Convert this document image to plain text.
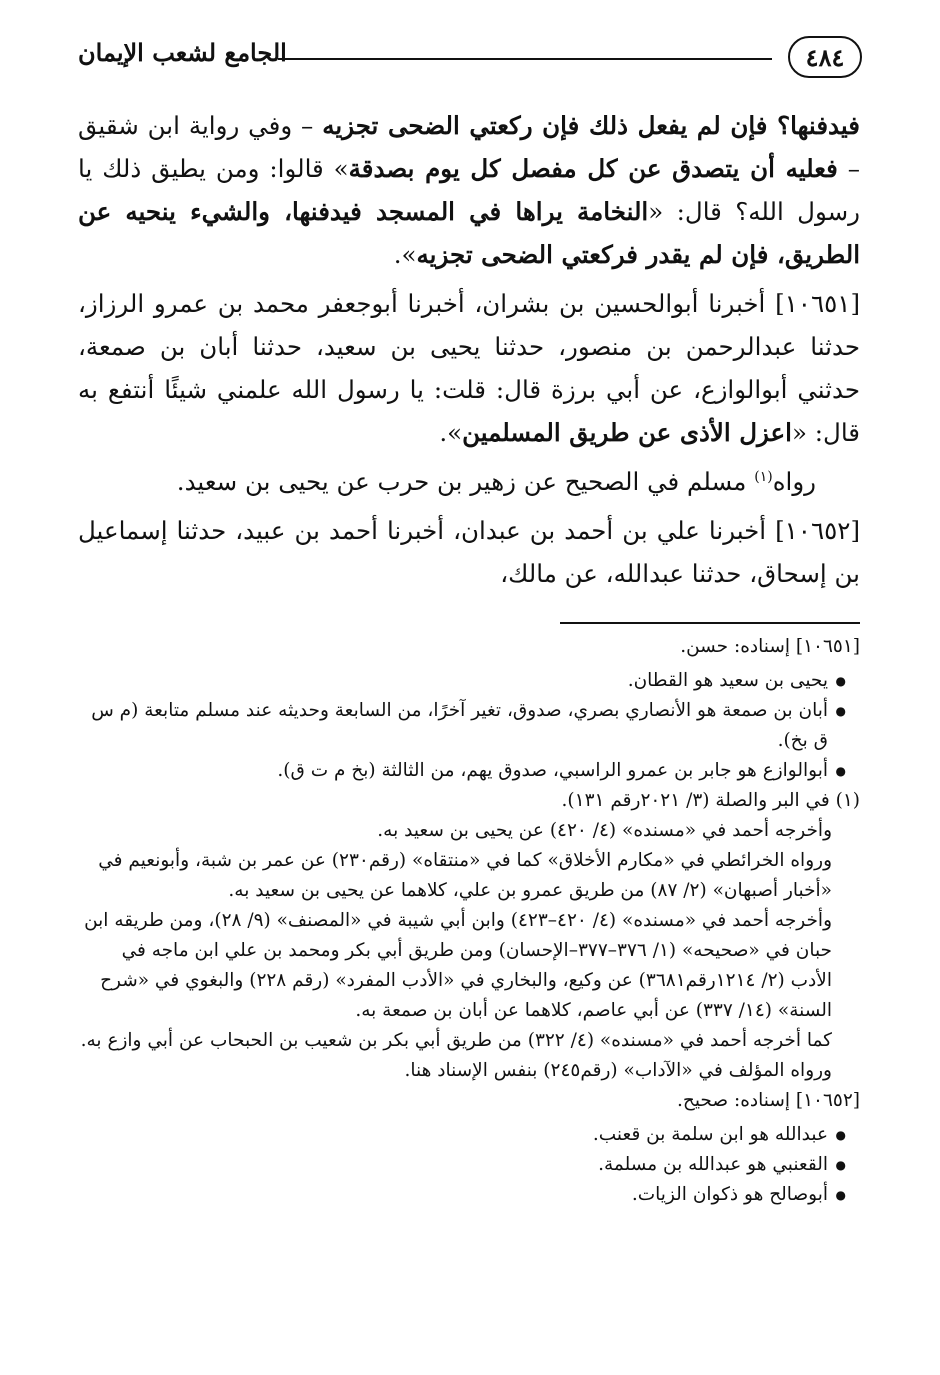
٤٨٤
الجامع لشعب الإيمان

فيدفنها؟ فإن لم يفعل ذلك فإن ركعتي الضحى تجزيه – وفي رواية ابن شقيق – فعليه أن يتصدق عن كل مفصل كل يوم بصدقة» قالوا: ومن يطيق ذلك يا رسول الله؟ قال: «النخامة يراها في المسجد فيدفنها، والشيء ينحيه عن الطريق، فإن لم يقدر فركعتي الضحى تجزيه».

[١٠٦٥١] أخبرنا أبوالحسين بن بشران، أخبرنا أبوجعفر محمد بن عمرو الرزاز، حدثنا عبدالرحمن بن منصور، حدثنا يحيى بن سعيد، حدثنا أبان بن صمعة، حدثني أبوالوازع، عن أبي برزة قال: قلت: يا رسول الله علمني شيئًا أنتفع به قال: «اعزل الأذى عن طريق المسلمين».

رواه$^{(١)}$ مسلم في الصحيح عن زهير بن حرب عن يحيى بن سعيد.

[١٠٦٥٢] أخبرنا علي بن أحمد بن عبدان، أخبرنا أحمد بن عبيد، حدثنا إسماعيل بن إسحاق، حدثنا عبدالله، عن مالك،

[١٠٦٥١] إسناده: حسن.

● يحيى بن سعيد هو القطان.
● أبان بن صمعة هو الأنصاري بصري، صدوق، تغير آخرًا، من السابعة وحديثه عند مسلم متابعة (م س ق بخ).
● أبوالوازع هو جابر بن عمرو الراسبي، صدوق يهم، من الثالثة (بخ م ت ق).

(١) في البر والصلة (٣/ ٢٠٢١رقم ١٣١).

وأخرجه أحمد في «مسنده» (٤/ ٤٢٠) عن يحيى بن سعيد به.

ورواه الخرائطي في «مكارم الأخلاق» كما في «منتقاه» (رقم٢٣٠) عن عمر بن شبة، وأبونعيم في «أخبار أصبهان» (٢/ ٨٧) من طريق عمرو بن علي، كلاهما عن يحيى بن سعيد به.

وأخرجه أحمد في «مسنده» (٤/ ٤٢٠–٤٢٣) وابن أبي شيبة في «المصنف» (٩/ ٢٨)، ومن طريقه ابن حبان في «صحيحه» (١/ ٣٧٦–٣٧٧–الإحسان) ومن طريق أبي بكر ومحمد بن علي ابن ماجه في الأدب (٢/ ١٢١٤رقم٣٦٨١) عن وكيع، والبخاري في «الأدب المفرد» (رقم ٢٢٨) والبغوي في «شرح السنة» (١٤/ ٣٣٧) عن أبي عاصم، كلاهما عن أبان بن صمعة به.

كما أخرجه أحمد في «مسنده» (٤/ ٣٢٢) من طريق أبي بكر بن شعيب بن الحبحاب عن أبي وازع به.

ورواه المؤلف في «الآداب» (رقم٢٤٥) بنفس الإسناد هنا.

[١٠٦٥٢] إسناده: صحيح.

● عبدالله هو ابن سلمة بن قعنب.
● القعنبي هو عبدالله بن مسلمة.
● أبوصالح هو ذكوان الزيات.
